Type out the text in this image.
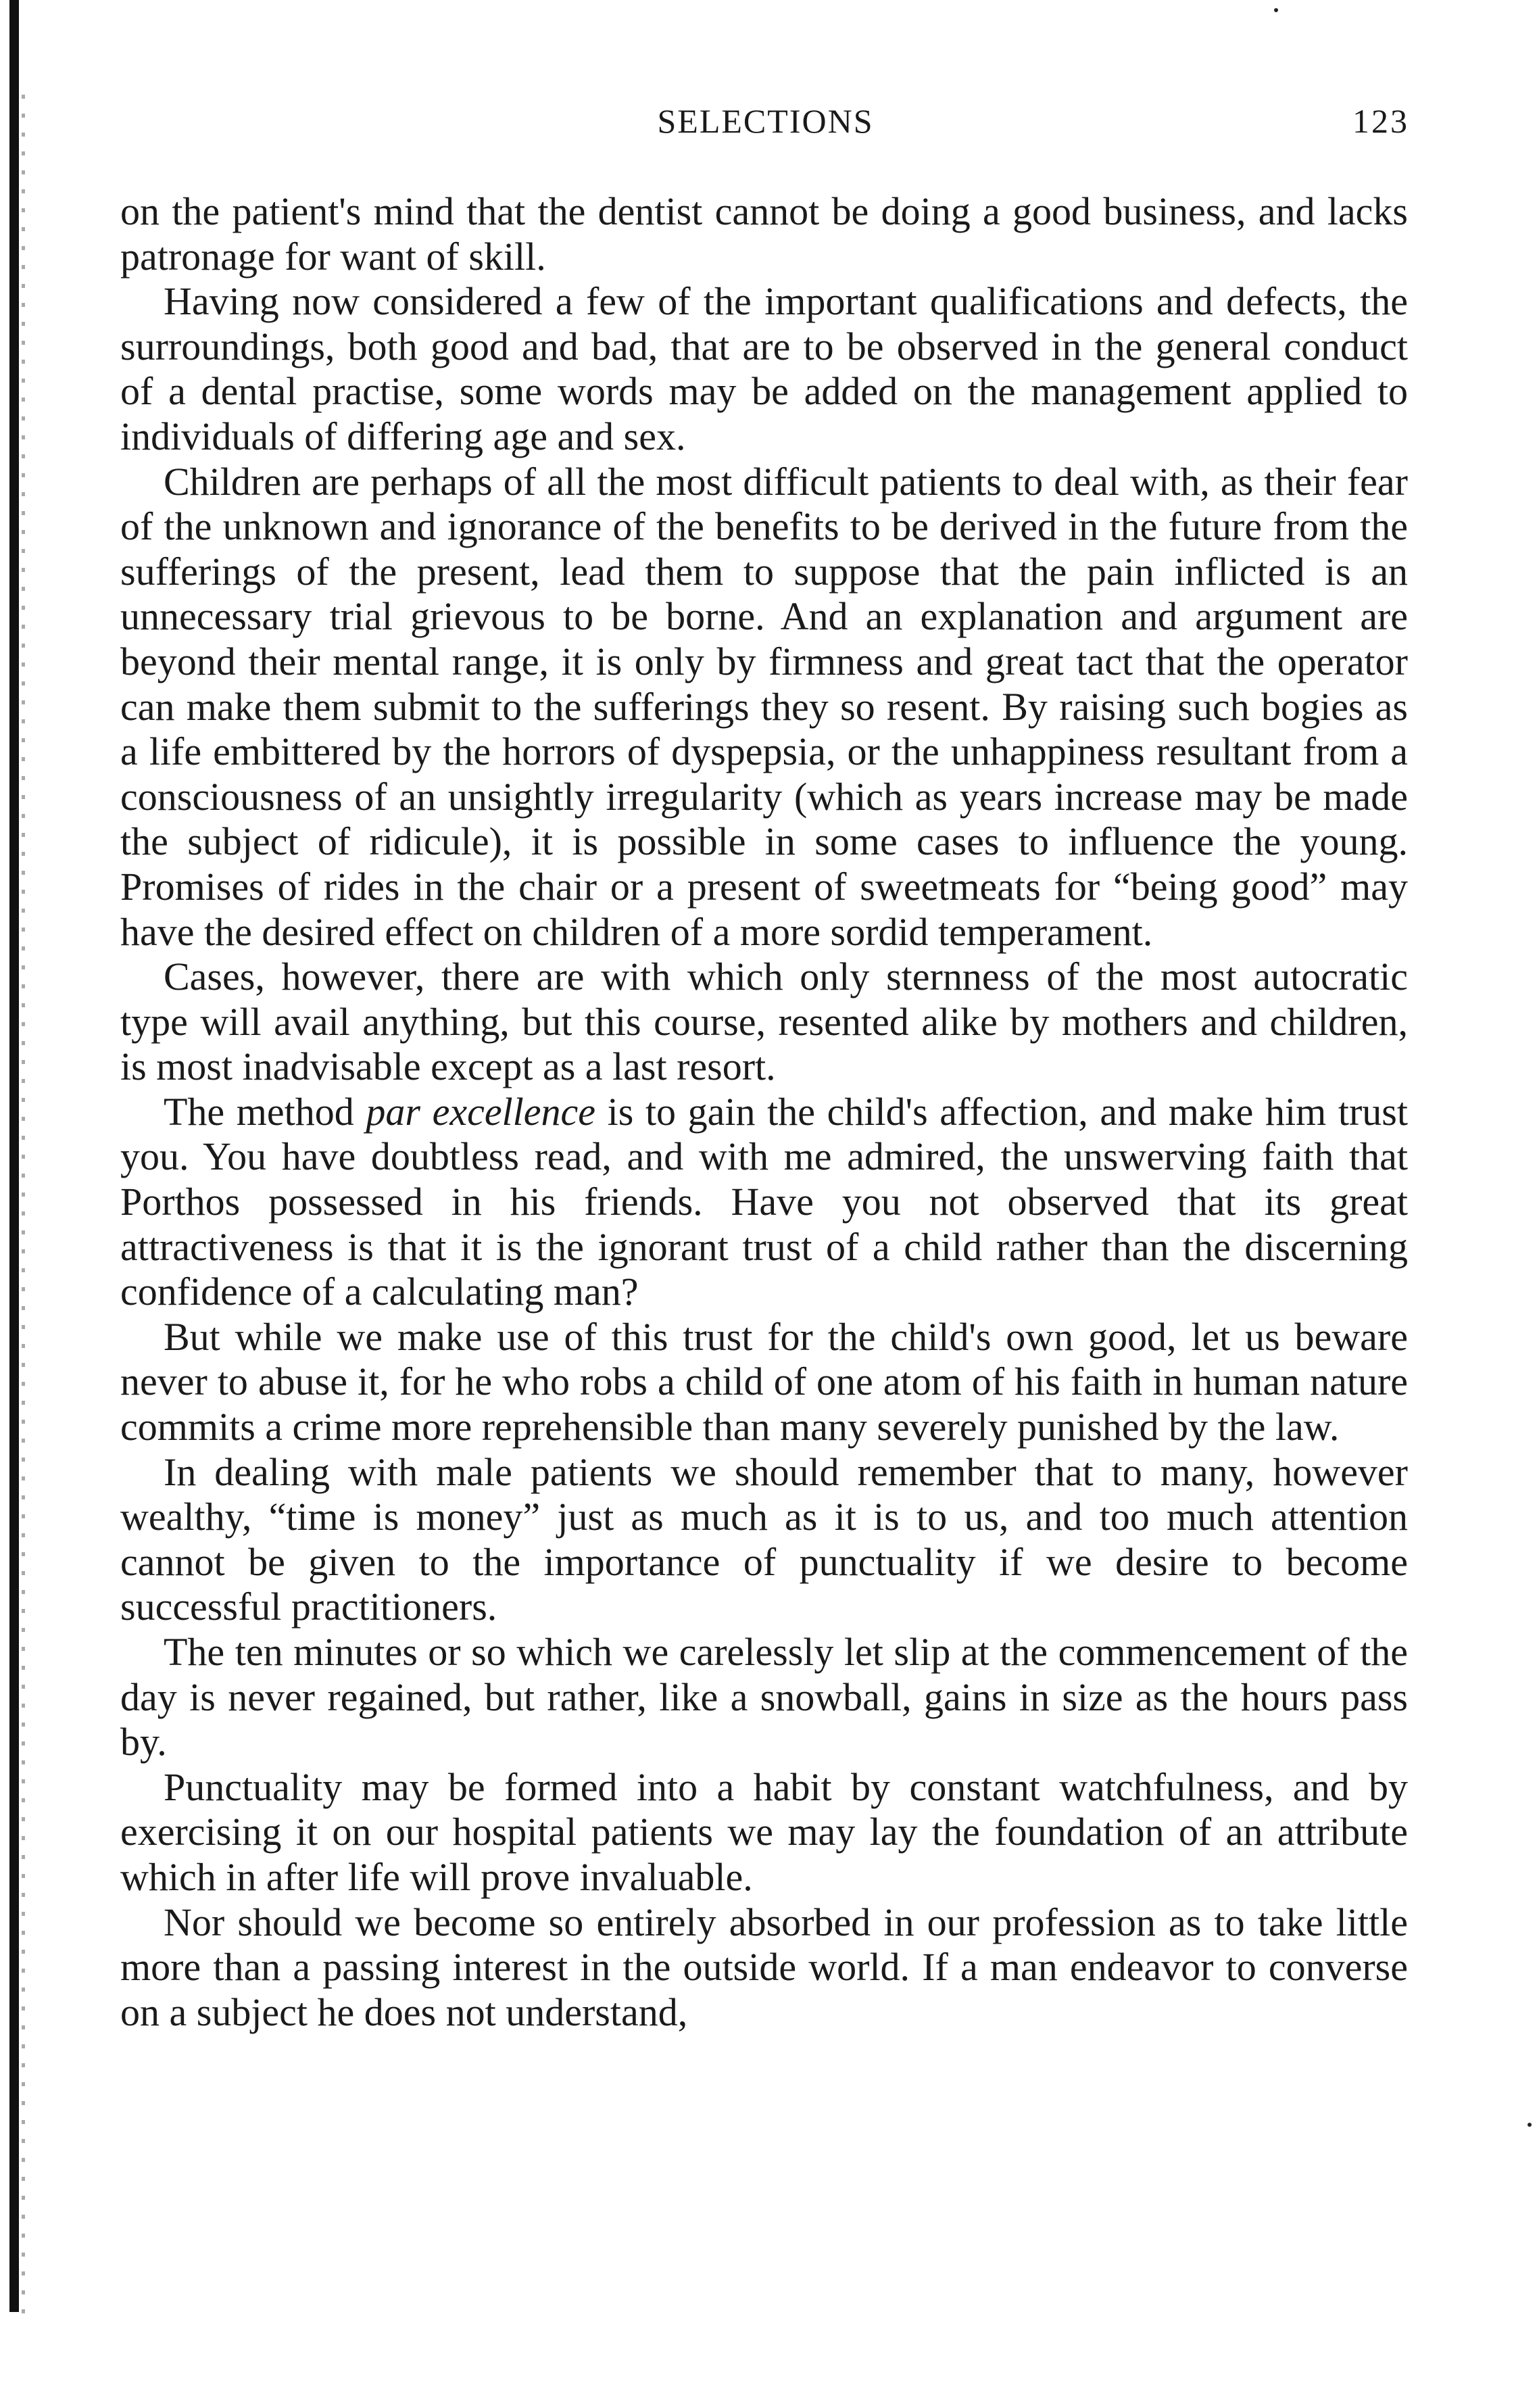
SELECTIONS	123

on the patient's mind that the dentist cannot be doing a good business, and lacks patronage for want of skill.

Having now considered a few of the important qualifications and defects, the surroundings, both good and bad, that are to be observed in the general conduct of a dental practise, some words may be added on the management applied to individuals of differing age and sex.

Children are perhaps of all the most difficult patients to deal with, as their fear of the unknown and ignorance of the benefits to be derived in the future from the sufferings of the present, lead them to suppose that the pain inflicted is an unnecessary trial grievous to be borne. And an explanation and argument are beyond their mental range, it is only by firmness and great tact that the operator can make them submit to the sufferings they so resent. By raising such bogies as a life embittered by the horrors of dyspepsia, or the unhappiness resultant from a consciousness of an unsightly irregularity (which as years increase may be made the subject of ridicule), it is possible in some cases to influence the young. Promises of rides in the chair or a present of sweetmeats for “being good” may have the desired effect on children of a more sordid temperament.

Cases, however, there are with which only sternness of the most autocratic type will avail anything, but this course, resented alike by mothers and children, is most inadvisable except as a last resort.

The method par excellence is to gain the child's affection, and make him trust you. You have doubtless read, and with me admired, the unswerving faith that Porthos possessed in his friends. Have you not observed that its great attractiveness is that it is the ignorant trust of a child rather than the discerning confidence of a calculating man?

But while we make use of this trust for the child's own good, let us beware never to abuse it, for he who robs a child of one atom of his faith in human nature commits a crime more reprehensible than many severely punished by the law.

In dealing with male patients we should remember that to many, however wealthy, “time is money” just as much as it is to us, and too much attention cannot be given to the importance of punctuality if we desire to become successful practitioners.

The ten minutes or so which we carelessly let slip at the commencement of the day is never regained, but rather, like a snowball, gains in size as the hours pass by.

Punctuality may be formed into a habit by constant watchfulness, and by exercising it on our hospital patients we may lay the foundation of an attribute which in after life will prove invaluable.

Nor should we become so entirely absorbed in our profession as to take little more than a passing interest in the outside world. If a man endeavor to converse on a subject he does not understand,
